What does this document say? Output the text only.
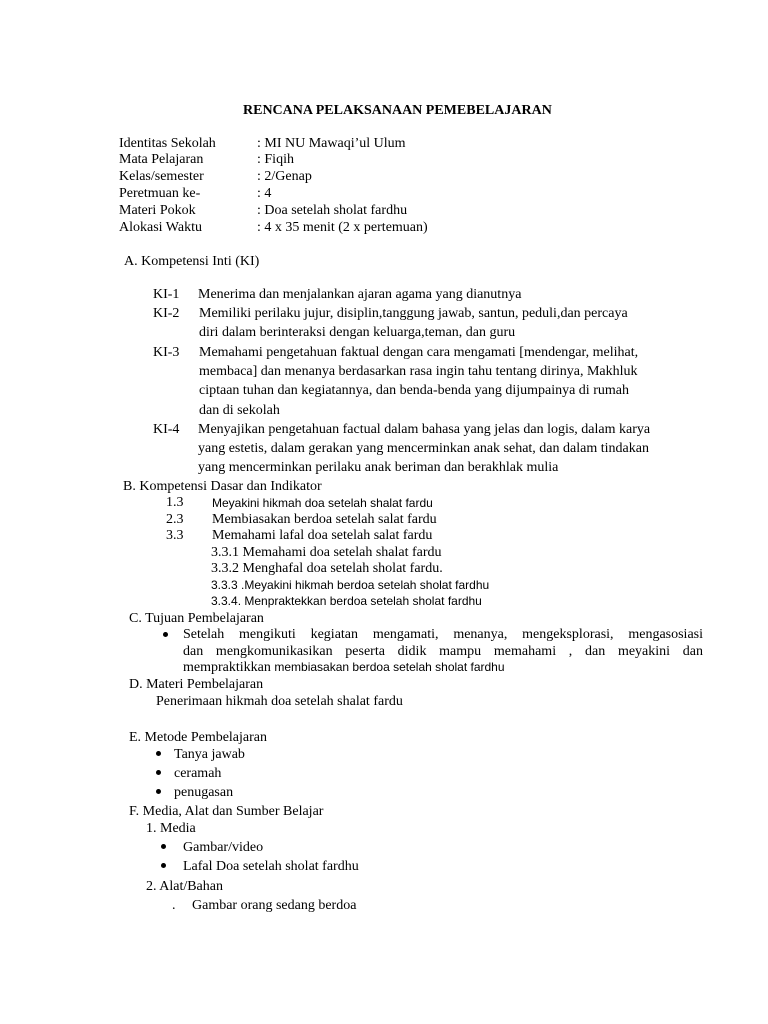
RENCANA PELAKSANAAN PEMEBELAJARAN
Identitas Sekolah	: MI NU Mawaqi’ul Ulum
Mata Pelajaran	: Fiqih
Kelas/semester	: 2/Genap
Peretmuan ke-	: 4
Materi Pokok	: Doa setelah sholat fardhu
Alokasi Waktu	: 4 x 35 menit (2 x pertemuan)
A. Kompetensi Inti (KI)
KI-1 Menerima dan menjalankan ajaran agama yang dianutnya
KI-2 Memiliki perilaku jujur, disiplin,tanggung jawab, santun, peduli,dan percaya
diri dalam berinteraksi dengan keluarga,teman, dan guru
KI-3 Memahami pengetahuan faktual dengan cara mengamati [mendengar, melihat,
membaca] dan menanya berdasarkan rasa ingin tahu tentang dirinya, Makhluk
ciptaan tuhan dan kegiatannya, dan benda-benda yang dijumpainya di rumah
dan di sekolah
KI-4 Menyajikan pengetahuan factual dalam bahasa yang jelas dan logis, dalam karya
yang estetis, dalam gerakan yang mencerminkan anak sehat, dan dalam tindakan
yang mencerminkan perilaku anak beriman dan berakhlak mulia
B. Kompetensi Dasar dan Indikator
1.3 Meyakini hikmah doa setelah shalat fardu
2.3 Membiasakan berdoa setelah salat fardu
3.3 Memahami lafal doa setelah salat fardu
3.3.1 Memahami doa setelah shalat fardu
3.3.2 Menghafal doa setelah sholat fardu.
3.3.3 .Meyakini hikmah berdoa setelah sholat fardhu
3.3.4. Menpraktekkan berdoa setelah sholat fardhu
C. Tujuan Pembelajaran
Setelah mengikuti kegiatan mengamati, menanya, mengeksplorasi, mengasosiasi
dan mengkomunikasikan peserta didik mampu memahami , dan meyakini dan
mempraktikkan membiasakan berdoa setelah sholat fardhu
D. Materi Pembelajaran
Penerimaan hikmah doa setelah shalat fardu
E. Metode Pembelajaran
Tanya jawab
ceramah
penugasan
F. Media, Alat dan Sumber Belajar
1. Media
Gambar/video
Lafal Doa setelah sholat fardhu
2. Alat/Bahan
. Gambar orang sedang berdoa
